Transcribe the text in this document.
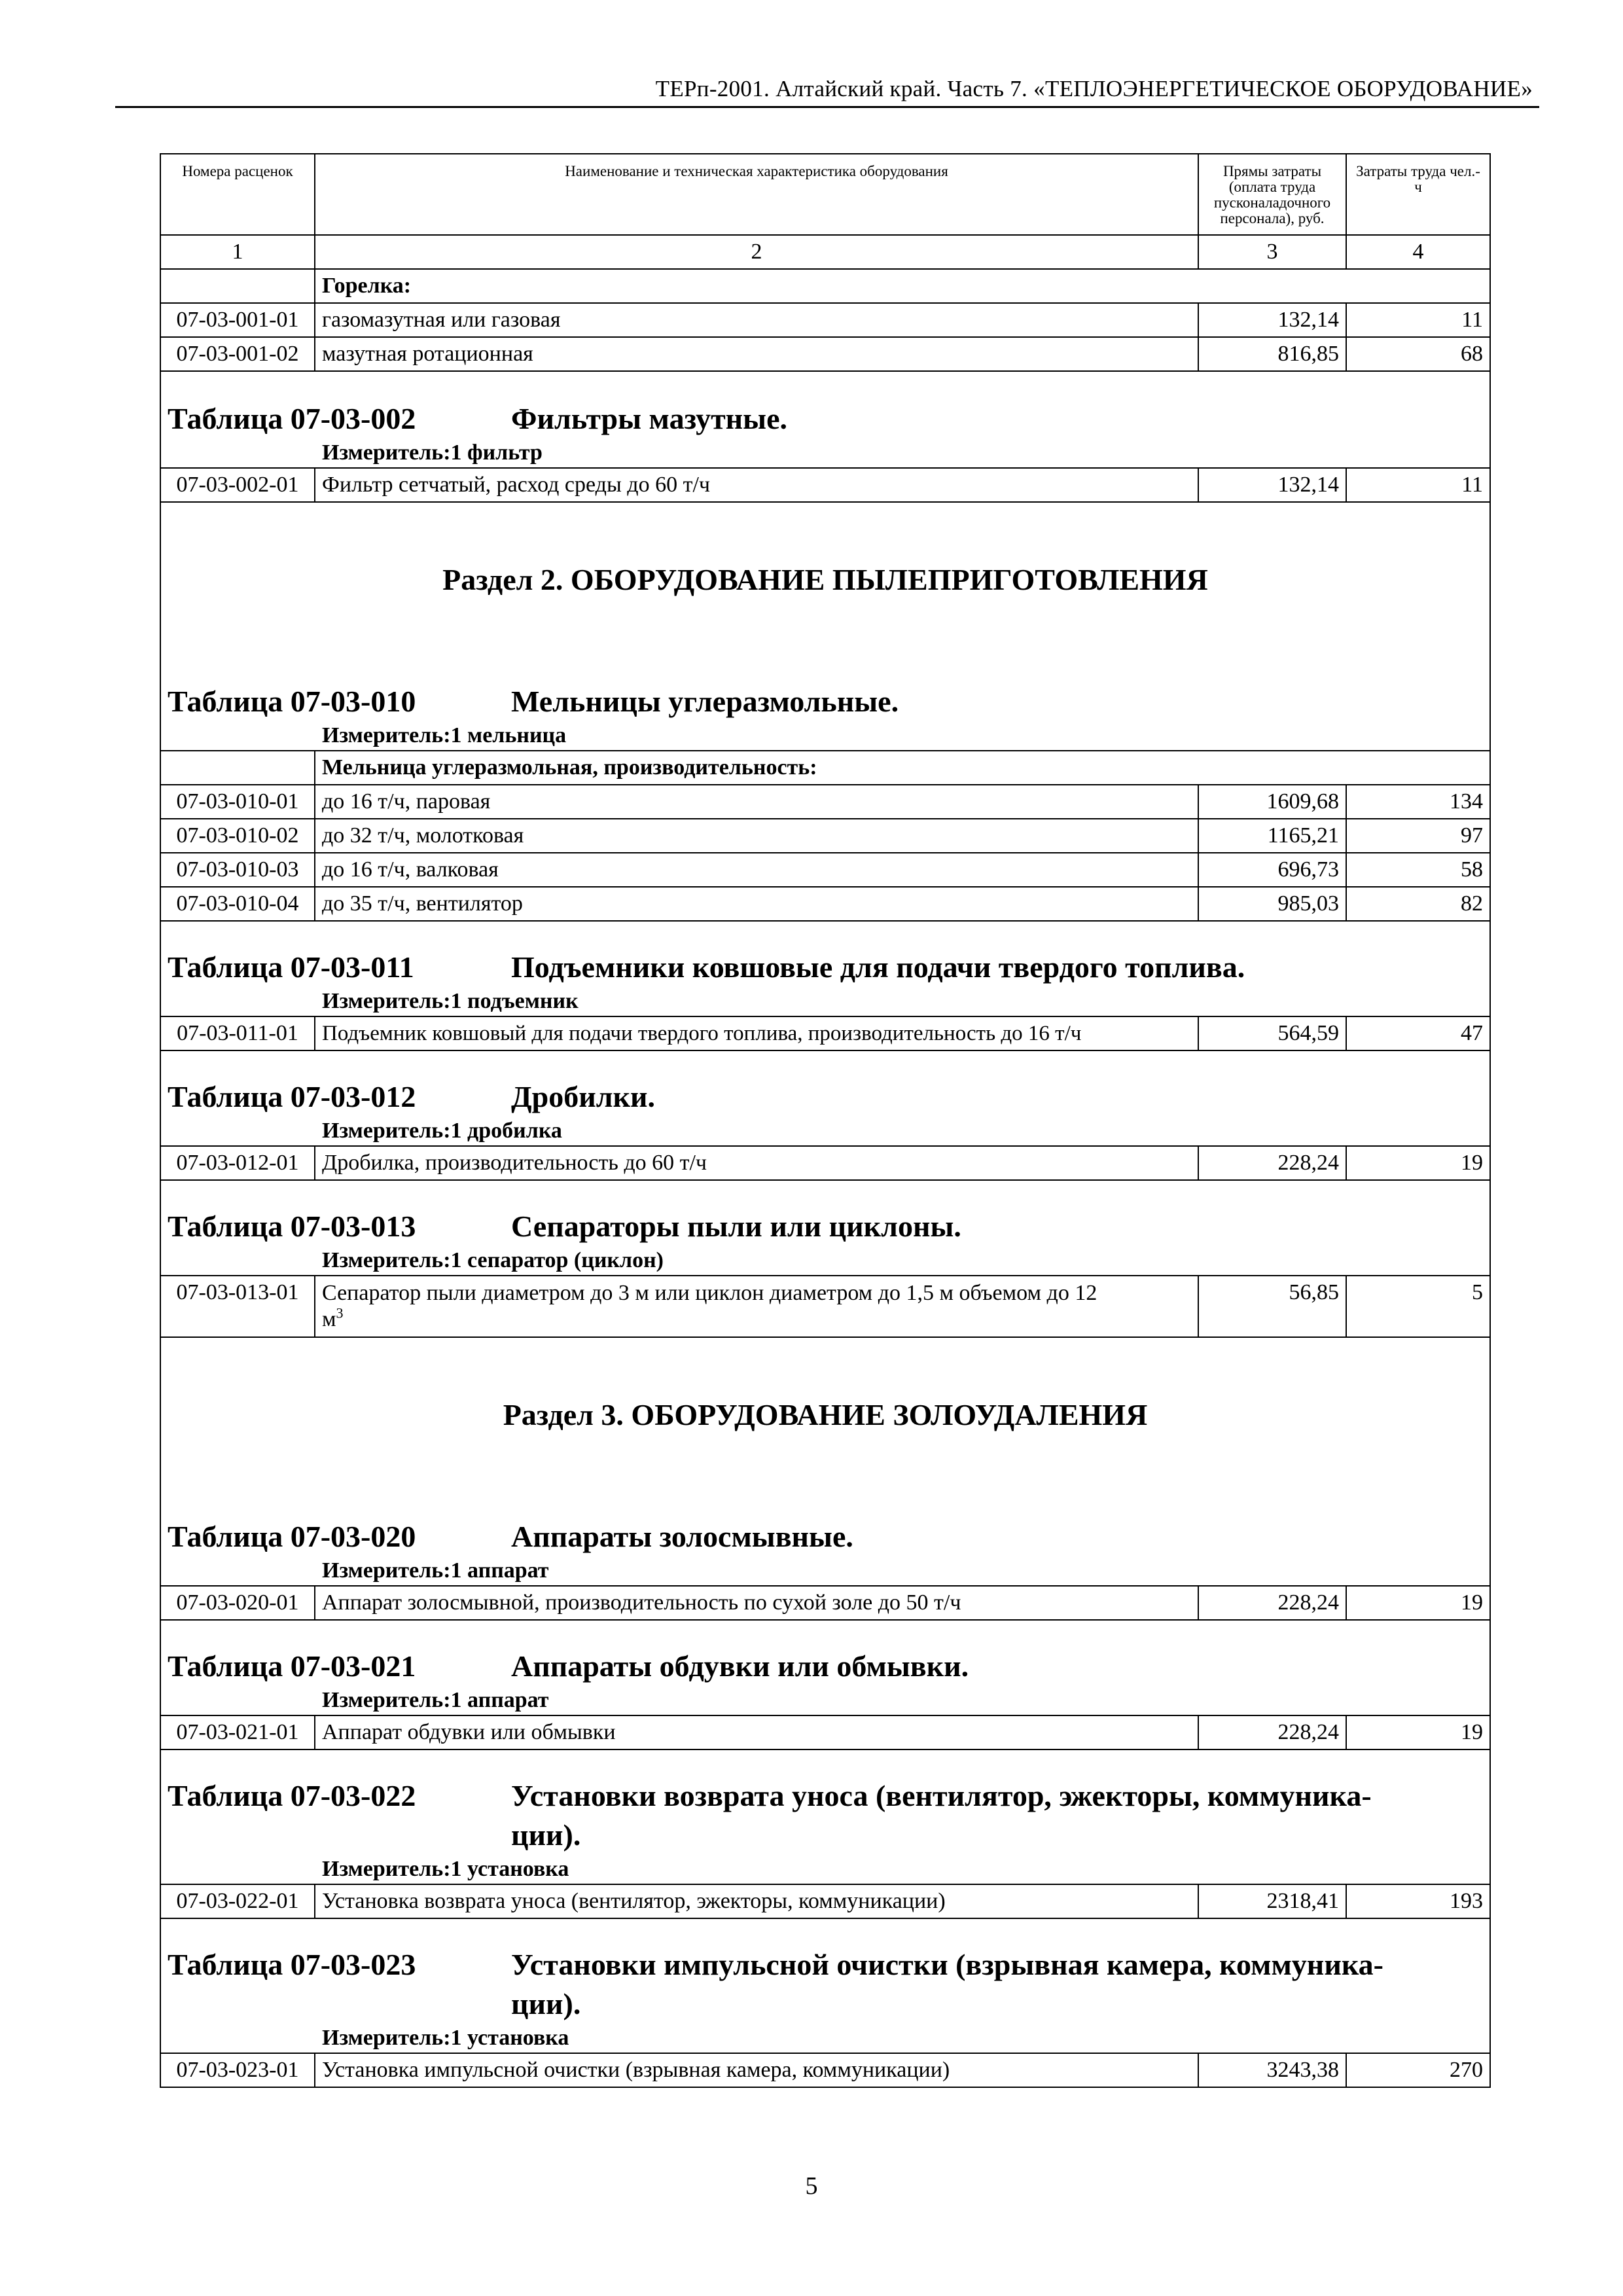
ТЕРп-2001. Алтайский край. Часть 7. «ТЕПЛОЭНЕРГЕТИЧЕСКОЕ ОБОРУДОВАНИЕ»
Номера расценок	Наименование и техническая характеристика оборудования	Прямы затраты (оплата труда пусконаладочного персонала), руб.	Затраты труда чел.-ч
1	2	3	4
	Горелка:		
07-03-001-01	газомазутная или газовая	132,14	11
07-03-001-02	мазутная ротационная	816,85	68
Таблица 07-03-002 Фильтры мазутные.			
Измеритель:1 фильтр			
07-03-002-01	Фильтр сетчатый, расход среды до 60 т/ч	132,14	11
Раздел 2. ОБОРУДОВАНИЕ ПЫЛЕПРИГОТОВЛЕНИЯ			
Таблица 07-03-010 Мельницы углеразмольные.			
Измеритель:1 мельница			
	Мельница углеразмольная, производительность:		
07-03-010-01	до 16 т/ч, паровая	1609,68	134
07-03-010-02	до 32 т/ч, молотковая	1165,21	97
07-03-010-03	до 16 т/ч, валковая	696,73	58
07-03-010-04	до 35 т/ч, вентилятор	985,03	82
Таблица 07-03-011 Подъемники ковшовые для подачи твердого топлива.			
Измеритель:1 подъемник			
07-03-011-01	Подъемник ковшовый для подачи твердого топлива, производительность до 16 т/ч	564,59	47
Таблица 07-03-012 Дробилки.			
Измеритель:1 дробилка			
07-03-012-01	Дробилка, производительность до 60 т/ч	228,24	19
Таблица 07-03-013 Сепараторы пыли или циклоны.			
Измеритель:1 сепаратор (циклон)			
07-03-013-01	Сепаратор пыли диаметром до 3 м или циклон диаметром до 1,5 м объемом до 12
$м^3$	56,85	5
Раздел 3. ОБОРУДОВАНИЕ ЗОЛОУДАЛЕНИЯ			
Таблица 07-03-020 Аппараты золосмывные.			
Измеритель:1 аппарат			
07-03-020-01	Аппарат золосмывной, производительность по сухой золе до 50 т/ч	228,24	19
Таблица 07-03-021 Аппараты обдувки или обмывки.			
Измеритель:1 аппарат			
07-03-021-01	Аппарат обдувки или обмывки	228,24	19
Таблица 07-03-022 Установки возврата уноса (вентилятор, эжекторы, коммуника-
ции).			
Измеритель:1 установка			
07-03-022-01	Установка возврата уноса (вентилятор, эжекторы, коммуникации)	2318,41	193
Таблица 07-03-023 Установки импульсной очистки (взрывная камера, коммуника-
ции).			
Измеритель:1 установка			
07-03-023-01	Установка импульсной очистки (взрывная камера, коммуникации)	3243,38	270
5
